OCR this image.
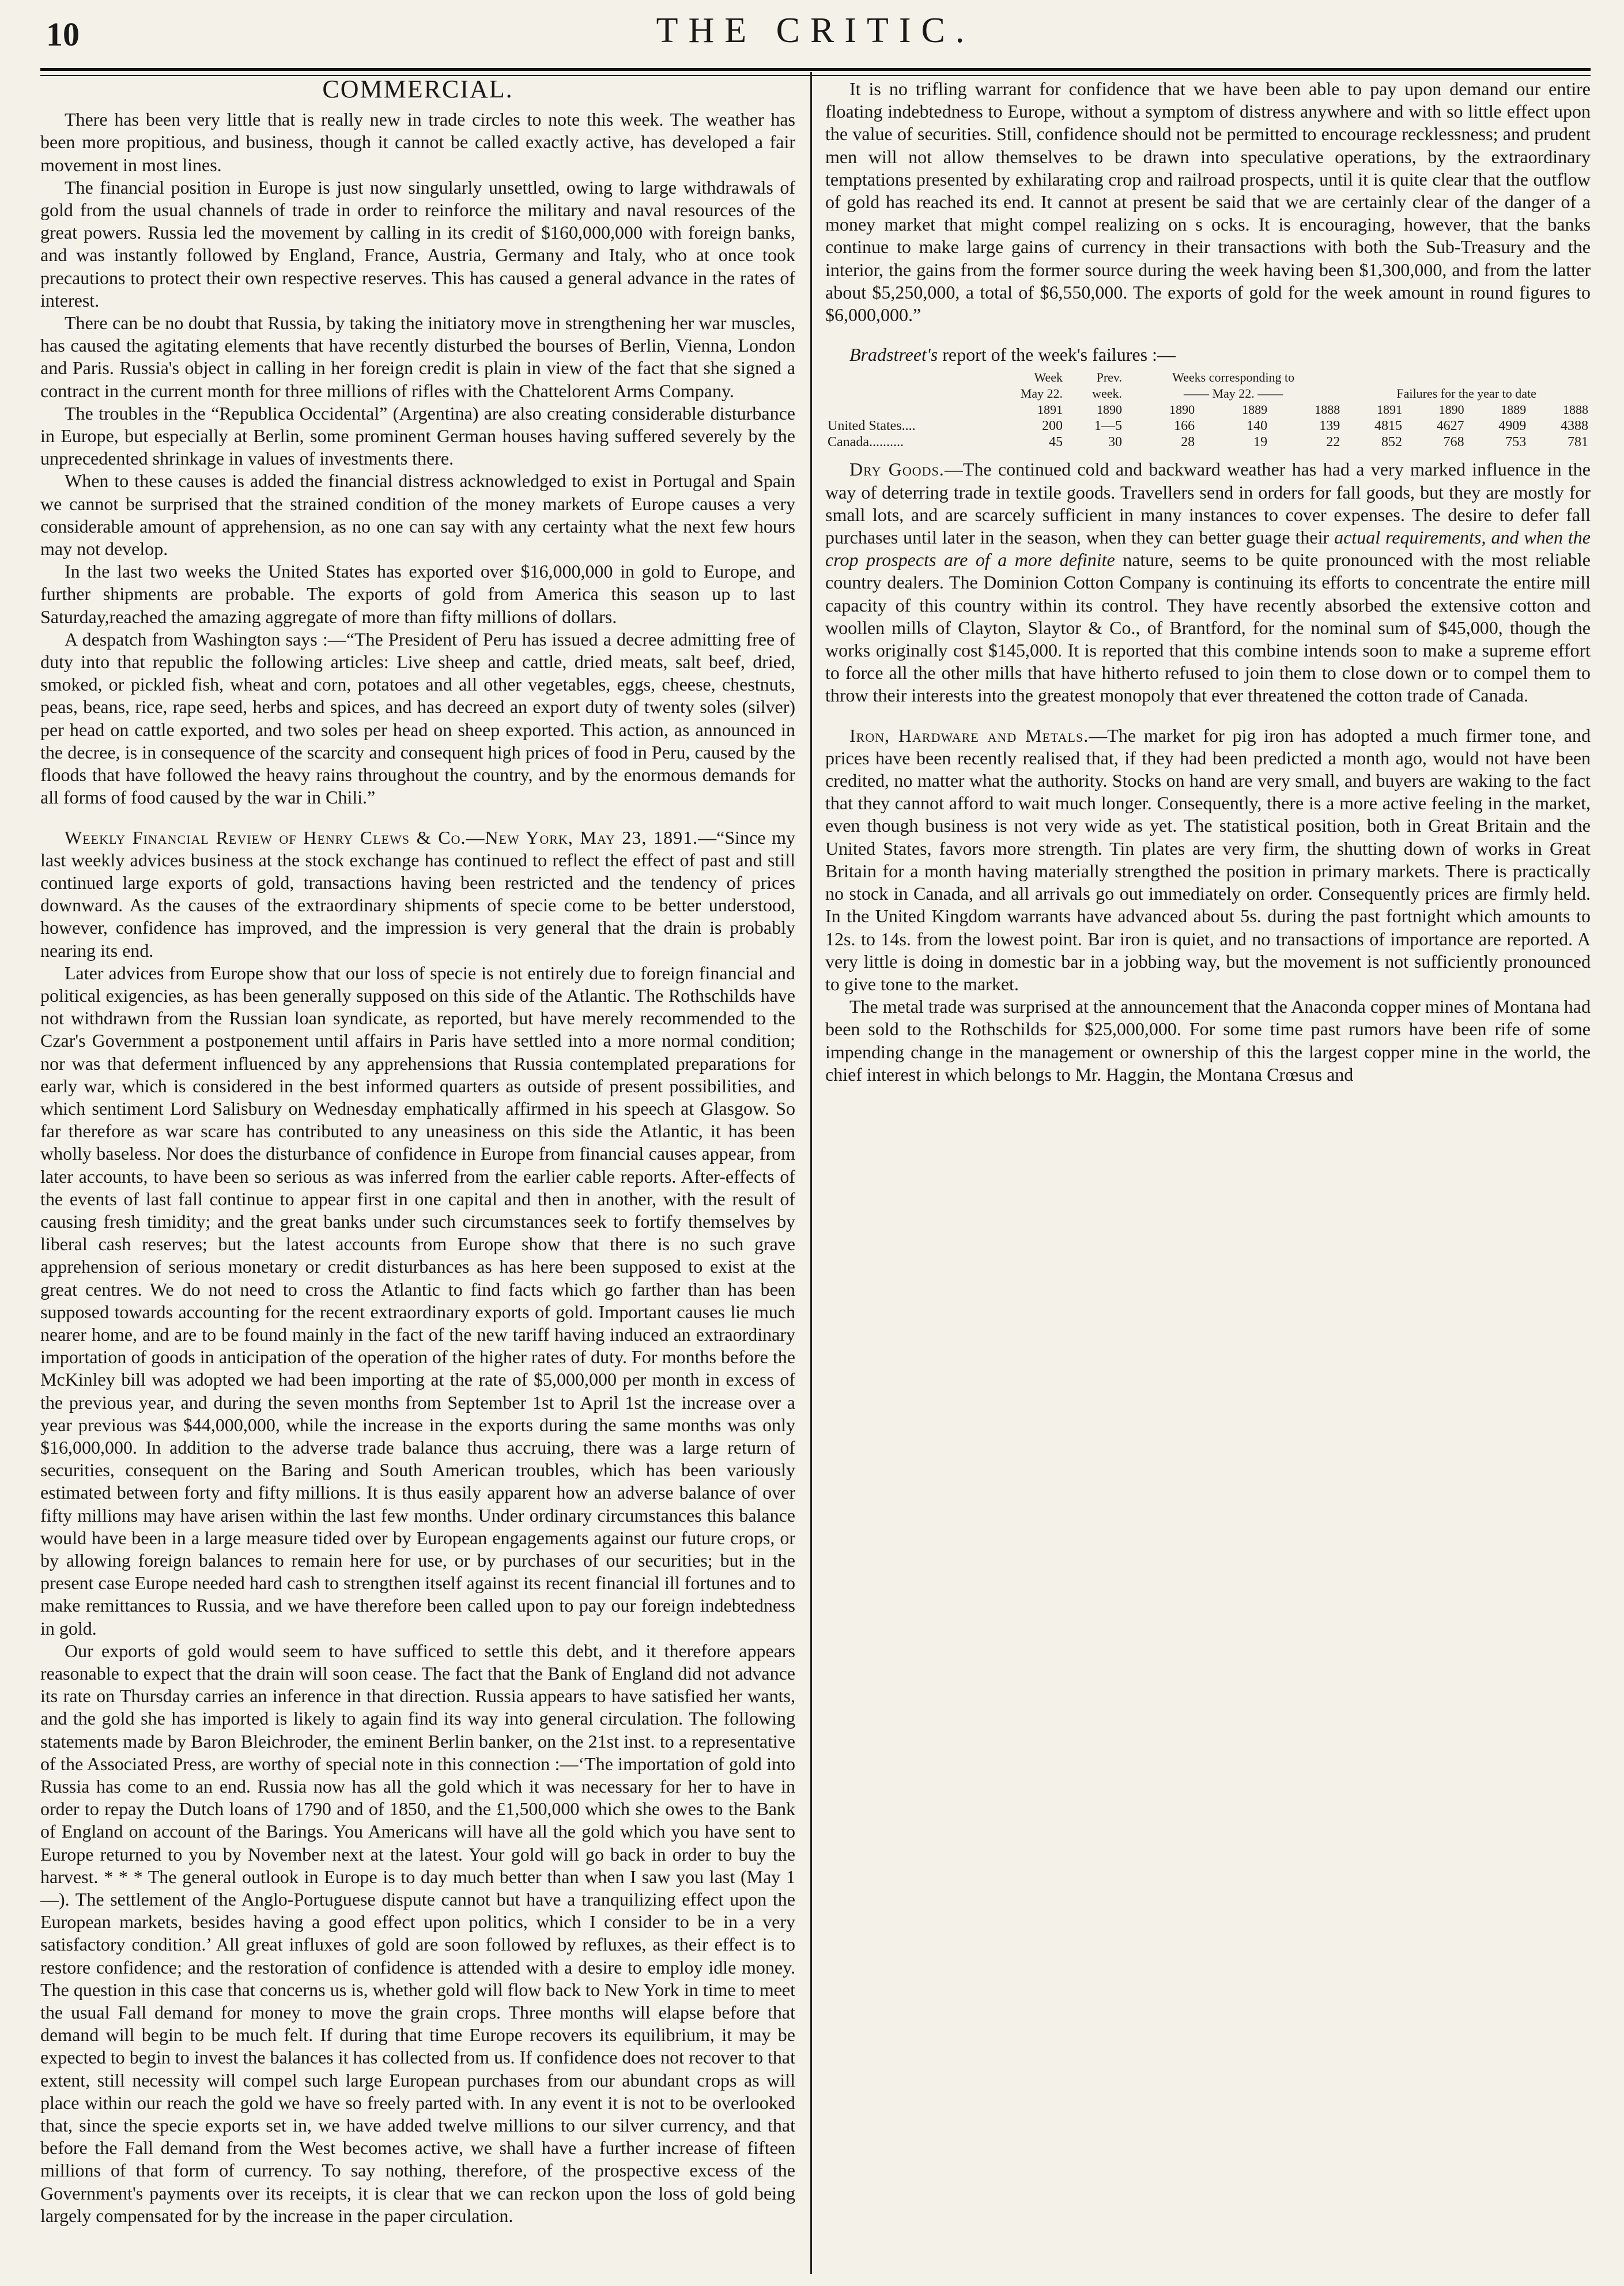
10	THE CRITIC.
COMMERCIAL.

There has been very little that is really new in trade circles to note this week. The weather has been more propitious, and business, though it cannot be called exactly active, has developed a fair movement in most lines.

The financial position in Europe is just now singularly unsettled, owing to large withdrawals of gold from the usual channels of trade in order to reinforce the military and naval resources of the great powers. Russia led the movement by calling in its credit of $160,000,000 with foreign banks, and was instantly followed by England, France, Austria, Germany and Italy, who at once took precautions to protect their own respective reserves. This has caused a general advance in the rates of interest.

There can be no doubt that Russia, by taking the initiatory move in strengthening her war muscles, has caused the agitating elements that have recently disturbed the bourses of Berlin, Vienna, London and Paris. Russia's object in calling in her foreign credit is plain in view of the fact that she signed a contract in the current month for three millions of rifles with the Chattelorent Arms Company.

The troubles in the “Republica Occidental” (Argentina) are also creating considerable disturbance in Europe, but especially at Berlin, some prominent German houses having suffered severely by the unprecedented shrinkage in values of investments there.

When to these causes is added the financial distress acknowledged to exist in Portugal and Spain we cannot be surprised that the strained condition of the money markets of Europe causes a very considerable amount of apprehension, as no one can say with any certainty what the next few hours may not develop.

In the last two weeks the United States has exported over $16,000,000 in gold to Europe, and further shipments are probable. The exports of gold from America this season up to last Saturday,reached the amazing aggregate of more than fifty millions of dollars.

A despatch from Washington says :—“The President of Peru has issued a decree admitting free of duty into that republic the following articles: Live sheep and cattle, dried meats, salt beef, dried, smoked, or pickled fish, wheat and corn, potatoes and all other vegetables, eggs, cheese, chestnuts, peas, beans, rice, rape seed, herbs and spices, and has decreed an export duty of twenty soles (silver) per head on cattle exported, and two soles per head on sheep exported. This action, as announced in the decree, is in consequence of the scarcity and consequent high prices of food in Peru, caused by the floods that have followed the heavy rains throughout the country, and by the enormous demands for all forms of food caused by the war in Chili.”

Weekly Financial Review of Henry Clews & Co.—New York, May 23, 1891.—“Since my last weekly advices business at the stock exchange has continued to reflect the effect of past and still continued large exports of gold, transactions having been restricted and the tendency of prices downward. As the causes of the extraordinary shipments of specie come to be better understood, however, confidence has improved, and the impression is very general that the drain is probably nearing its end.

Later advices from Europe show that our loss of specie is not entirely due to foreign financial and political exigencies, as has been generally supposed on this side of the Atlantic. The Rothschilds have not withdrawn from the Russian loan syndicate, as reported, but have merely recommended to the Czar's Government a postponement until affairs in Paris have settled into a more normal condition; nor was that deferment influenced by any apprehensions that Russia contemplated preparations for early war, which is considered in the best informed quarters as outside of present possibilities, and which sentiment Lord Salisbury on Wednesday emphatically affirmed in his speech at Glasgow. So far therefore as war scare has contributed to any uneasiness on this side the Atlantic, it has been wholly baseless. Nor does the disturbance of confidence in Europe from financial causes appear, from later accounts, to have been so serious as was inferred from the earlier cable reports. After-effects of the events of last fall continue to appear first in one capital and then in another, with the result of causing fresh timidity; and the great banks under such circumstances seek to fortify themselves by liberal cash reserves; but the latest accounts from Europe show that there is no such grave apprehension of serious monetary or credit disturbances as has here been supposed to exist at the great centres. We do not need to cross the Atlantic to find facts which go farther than has been supposed towards accounting for the recent extraordinary exports of gold. Important causes lie much nearer home, and are to be found mainly in the fact of the new tariff having induced an extraordinary importation of goods in anticipation of the operation of the higher rates of duty. For months before the McKinley bill was adopted we had been importing at the rate of $5,000,000 per month in excess of the previous year, and during the seven months from September 1st to April 1st the increase over a year previous was $44,000,000, while the increase in the exports during the same months was only $16,000,000. In addition to the adverse trade balance thus accruing, there was a large return of securities, consequent on the Baring and South American troubles, which has been variously estimated between forty and fifty millions. It is thus easily apparent how an adverse balance of over fifty millions may have arisen within the last few months. Under ordinary circumstances this balance would have been in a large measure tided over by European engagements against our future crops, or by allowing foreign balances to remain here for use, or by purchases of our securities; but in the present case Europe needed hard cash to strengthen itself against its recent financial ill fortunes and to make remittances to Russia, and we have therefore been called upon to pay our foreign indebtedness in gold.

Our exports of gold would seem to have sufficed to settle this debt, and it therefore appears reasonable to expect that the drain will soon cease. The fact that the Bank of England did not advance its rate on Thursday carries an inference in that direction. Russia appears to have satisfied her wants, and the gold she has imported is likely to again find its way into general circulation. The following statements made by Baron Bleichroder, the eminent Berlin banker, on the 21st inst. to a representative of the Associated Press, are worthy of special note in this connection :—‘The importation of gold into Russia has come to an end. Russia now has all the gold which it was necessary for her to have in order to repay the Dutch loans of 1790 and of 1850, and the £1,500,000 which she owes to the Bank of England on account of the Barings. You Americans will have all the gold which you have sent to Europe returned to you by November next at the latest. Your gold will go back in order to buy the harvest. * * * The general outlook in Europe is to day much better than when I saw you last (May 1—). The settlement of the Anglo-Portuguese dispute cannot but have a tranquilizing effect upon the European markets, besides having a good effect upon politics, which I consider to be in a very satisfactory condition.’ All great influxes of gold are soon followed by refluxes, as their effect is to restore confidence; and the restoration of confidence is attended with a desire to employ idle money. The question in this case that concerns us is, whether gold will flow back to New York in time to meet the usual Fall demand for money to move the grain crops. Three months will elapse before that demand will begin to be much felt. If during that time Europe recovers its equilibrium, it may be expected to begin to invest the balances it has collected from us. If confidence does not recover to that extent, still necessity will compel such large European purchases from our abundant crops as will place within our reach the gold we have so freely parted with. In any event it is not to be overlooked that, since the specie exports set in, we have added twelve millions to our silver currency, and that before the Fall demand from the West becomes active, we shall have a further increase of fifteen millions of that form of currency. To say nothing, therefore, of the prospective excess of the Government's payments over its receipts, it is clear that we can reckon upon the loss of gold being largely compensated for by the increase in the paper circulation.

It is no trifling warrant for confidence that we have been able to pay upon demand our entire floating indebtedness to Europe, without a symptom of distress anywhere and with so little effect upon the value of securities. Still, confidence should not be permitted to encourage recklessness; and prudent men will not allow themselves to be drawn into speculative operations, by the extraordinary temptations presented by exhilarating crop and railroad prospects, until it is quite clear that the outflow of gold has reached its end. It cannot at present be said that we are certainly clear of the danger of a money market that might compel realizing on s ocks. It is encouraging, however, that the banks continue to make large gains of currency in their transactions with both the Sub-Treasury and the interior, the gains from the former source during the week having been $1,300,000, and from the latter about $5,250,000, a total of $6,550,000. The exports of gold for the week amount in round figures to $6,000,000.”

Bradstreet's report of the week's failures :—

	Week	Prev.	Weeks corresponding to						
	May 22.	week.	—— May 22. ——			Failures for the year to date			
	1891	1890	1890	1889	1888	1891	1890	1889	1888
United States....	200	1—5	166	140	139	4815	4627	4909	4388
Canada..........	45	30	28	19	22	852	768	753	781

Dry Goods.—The continued cold and backward weather has had a very marked influence in the way of deterring trade in textile goods. Travellers send in orders for fall goods, but they are mostly for small lots, and are scarcely sufficient in many instances to cover expenses. The desire to defer fall purchases until later in the season, when they can better guage their actual requirements, and when the crop prospects are of a more definite nature, seems to be quite pronounced with the most reliable country dealers. The Dominion Cotton Company is continuing its efforts to concentrate the entire mill capacity of this country within its control. They have recently absorbed the extensive cotton and woollen mills of Clayton, Slaytor & Co., of Brantford, for the nominal sum of $45,000, though the works originally cost $145,000. It is reported that this combine intends soon to make a supreme effort to force all the other mills that have hitherto refused to join them to close down or to compel them to throw their interests into the greatest monopoly that ever threatened the cotton trade of Canada.

Iron, Hardware and Metals.—The market for pig iron has adopted a much firmer tone, and prices have been recently realised that, if they had been predicted a month ago, would not have been credited, no matter what the authority. Stocks on hand are very small, and buyers are waking to the fact that they cannot afford to wait much longer. Consequently, there is a more active feeling in the market, even though business is not very wide as yet. The statistical position, both in Great Britain and the United States, favors more strength. Tin plates are very firm, the shutting down of works in Great Britain for a month having materially strengthed the position in primary markets. There is practically no stock in Canada, and all arrivals go out immediately on order. Consequently prices are firmly held. In the United Kingdom warrants have advanced about 5s. during the past fortnight which amounts to 12s. to 14s. from the lowest point. Bar iron is quiet, and no transactions of importance are reported. A very little is doing in domestic bar in a jobbing way, but the movement is not sufficiently pronounced to give tone to the market.

The metal trade was surprised at the announcement that the Anaconda copper mines of Montana had been sold to the Rothschilds for $25,000,000. For some time past rumors have been rife of some impending change in the management or ownership of this the largest copper mine in the world, the chief interest in which belongs to Mr. Haggin, the Montana Crœsus and
